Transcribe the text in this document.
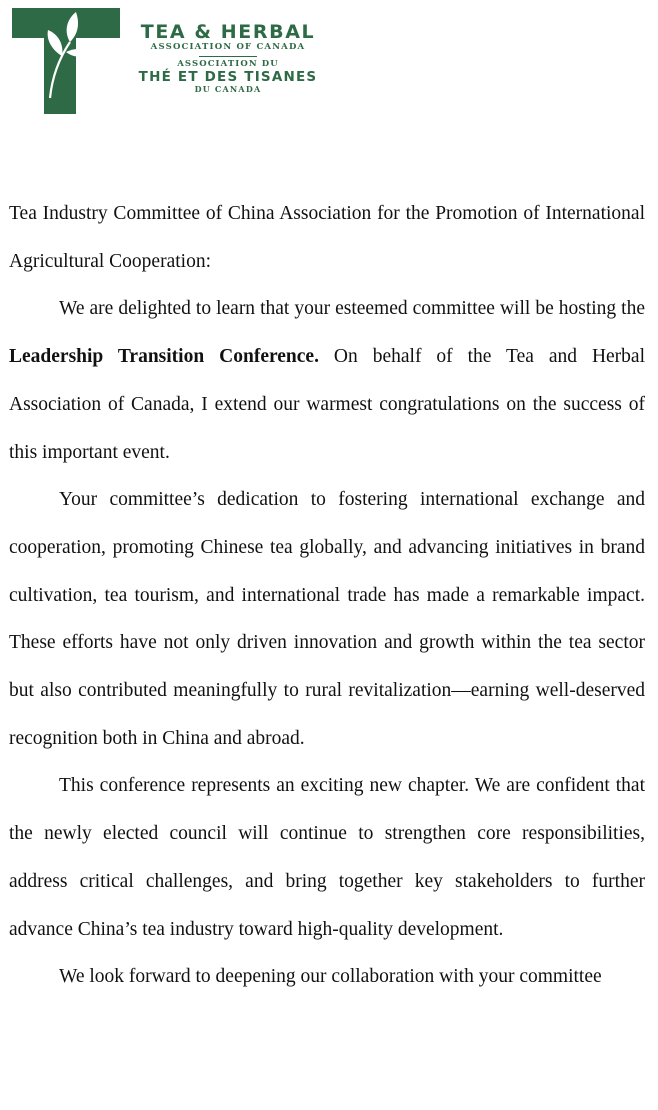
TEA & HERBAL
ASSOCIATION OF CANADA
ASSOCIATION DU
THÉ ET DES TISANES
DU CANADA

Tea Industry Committee of China Association for the Promotion of International Agricultural Cooperation:

We are delighted to learn that your esteemed committee will be hosting the Leadership Transition Conference. On behalf of the Tea and Herbal Association of Canada, I extend our warmest congratulations on the success of this important event.

Your committee’s dedication to fostering international exchange and cooperation, promoting Chinese tea globally, and advancing initiatives in brand cultivation, tea tourism, and international trade has made a remarkable impact. These efforts have not only driven innovation and growth within the tea sector but also contributed meaningfully to rural revitalization—earning well-deserved recognition both in China and abroad.

This conference represents an exciting new chapter. We are confident that the newly elected council will continue to strengthen core responsibilities, address critical challenges, and bring together key stakeholders to further advance China’s tea industry toward high-quality development.

We look forward to deepening our collaboration with your committee
